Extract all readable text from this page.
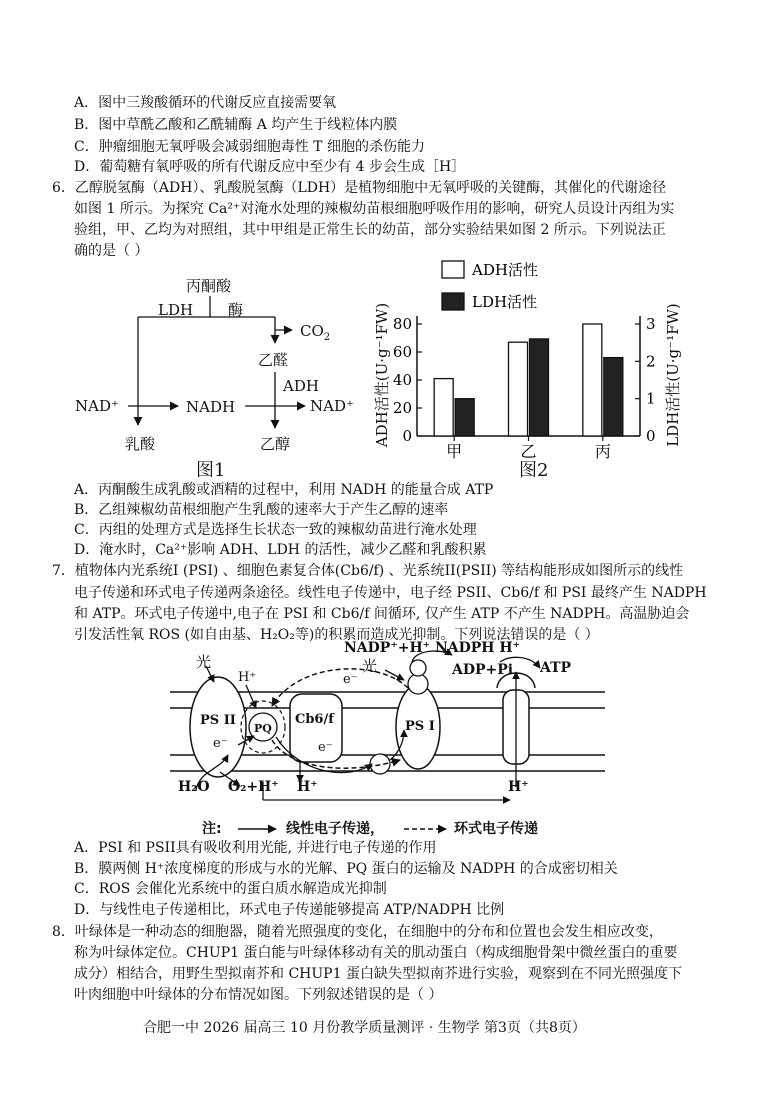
A．图中三羧酸循环的代谢反应直接需要氧
B．图中草酰乙酸和乙酰辅酶 A 均产生于线粒体内膜
C．肿瘤细胞无氧呼吸会减弱细胞毒性 T 细胞的杀伤能力
D．葡萄糖有氧呼吸的所有代谢反应中至少有 4 步会生成［H］
6．乙醇脱氢酶（ADH）、乳酸脱氢酶（LDH）是植物细胞中无氧呼吸的关键酶，其催化的代谢途径
如图 1 所示。为探究 Ca²⁺对淹水处理的辣椒幼苗根细胞呼吸作用的影响，研究人员设计丙组为实
验组，甲、乙均为对照组，其中甲组是正常生长的幼苗，部分实验结果如图 2 所示。下列说法正
确的是（ ）
丙酮酸
LDH 酶
$CO_2$
乙醛
ADH
NAD⁺	NADH	NAD⁺
乳酸	乙醇
图1
0
20
40
60
80
0
1
2
3
甲	乙	丙
ADH活性
LDH活性
ADH活性(U·g⁻¹FW)	LDH活性(U·g⁻¹FW)
图2
A．丙酮酸生成乳酸或酒精的过程中，利用 NADH 的能量合成 ATP
B．乙组辣椒幼苗根细胞产生乳酸的速率大于产生乙醇的速率
C．丙组的处理方式是选择生长状态一致的辣椒幼苗进行淹水处理
D．淹水时，Ca²⁺影响 ADH、LDH 的活性，减少乙醛和乳酸积累
7．植物体内光系统I (PSI) 、细胞色素复合体(Cb6/f) 、光系统II(PSII) 等结构能形成如图所示的线性
电子传递和环式电子传递两条途径。线性电子传递中，电子经 PSII、Cb6/f 和 PSI 最终产生 NADPH
和 ATP。环式电子传递中,电子在 PSI 和 Cb6/f 间循环, 仅产生 ATP 不产生 NADPH。高温胁迫会
引发活性氧 ROS (如自由基、H₂O₂等)的积累而造成光抑制。下列说法错误的是（ ）
光	光
NADP⁺+H⁺ NADPH H⁺
ADP+Pi ATP
H⁺	e⁻
PS II
PQ
Cb6/f	PS I
e⁻	e⁻
H₂O O₂+H⁺ H⁺	H⁺
注:	线性电子传递，	环式电子传递
A．PSI 和 PSII具有吸收利用光能, 并进行电子传递的作用
B．膜两侧 H⁺浓度梯度的形成与水的光解、PQ 蛋白的运输及 NADPH 的合成密切相关
C．ROS 会催化光系统中的蛋白质水解造成光抑制
D．与线性电子传递相比，环式电子传递能够提高 ATP/NADPH 比例
8．叶绿体是一种动态的细胞器，随着光照强度的变化，在细胞中的分布和位置也会发生相应改变，
称为叶绿体定位。CHUP1 蛋白能与叶绿体移动有关的肌动蛋白（构成细胞骨架中微丝蛋白的重要
成分）相结合，用野生型拟南芥和 CHUP1 蛋白缺失型拟南芥进行实验，观察到在不同光照强度下
叶肉细胞中叶绿体的分布情况如图。下列叙述错误的是（ ）
合肥一中 2026 届高三 10 月份教学质量测评 · 生物学 第3页（共8页）
